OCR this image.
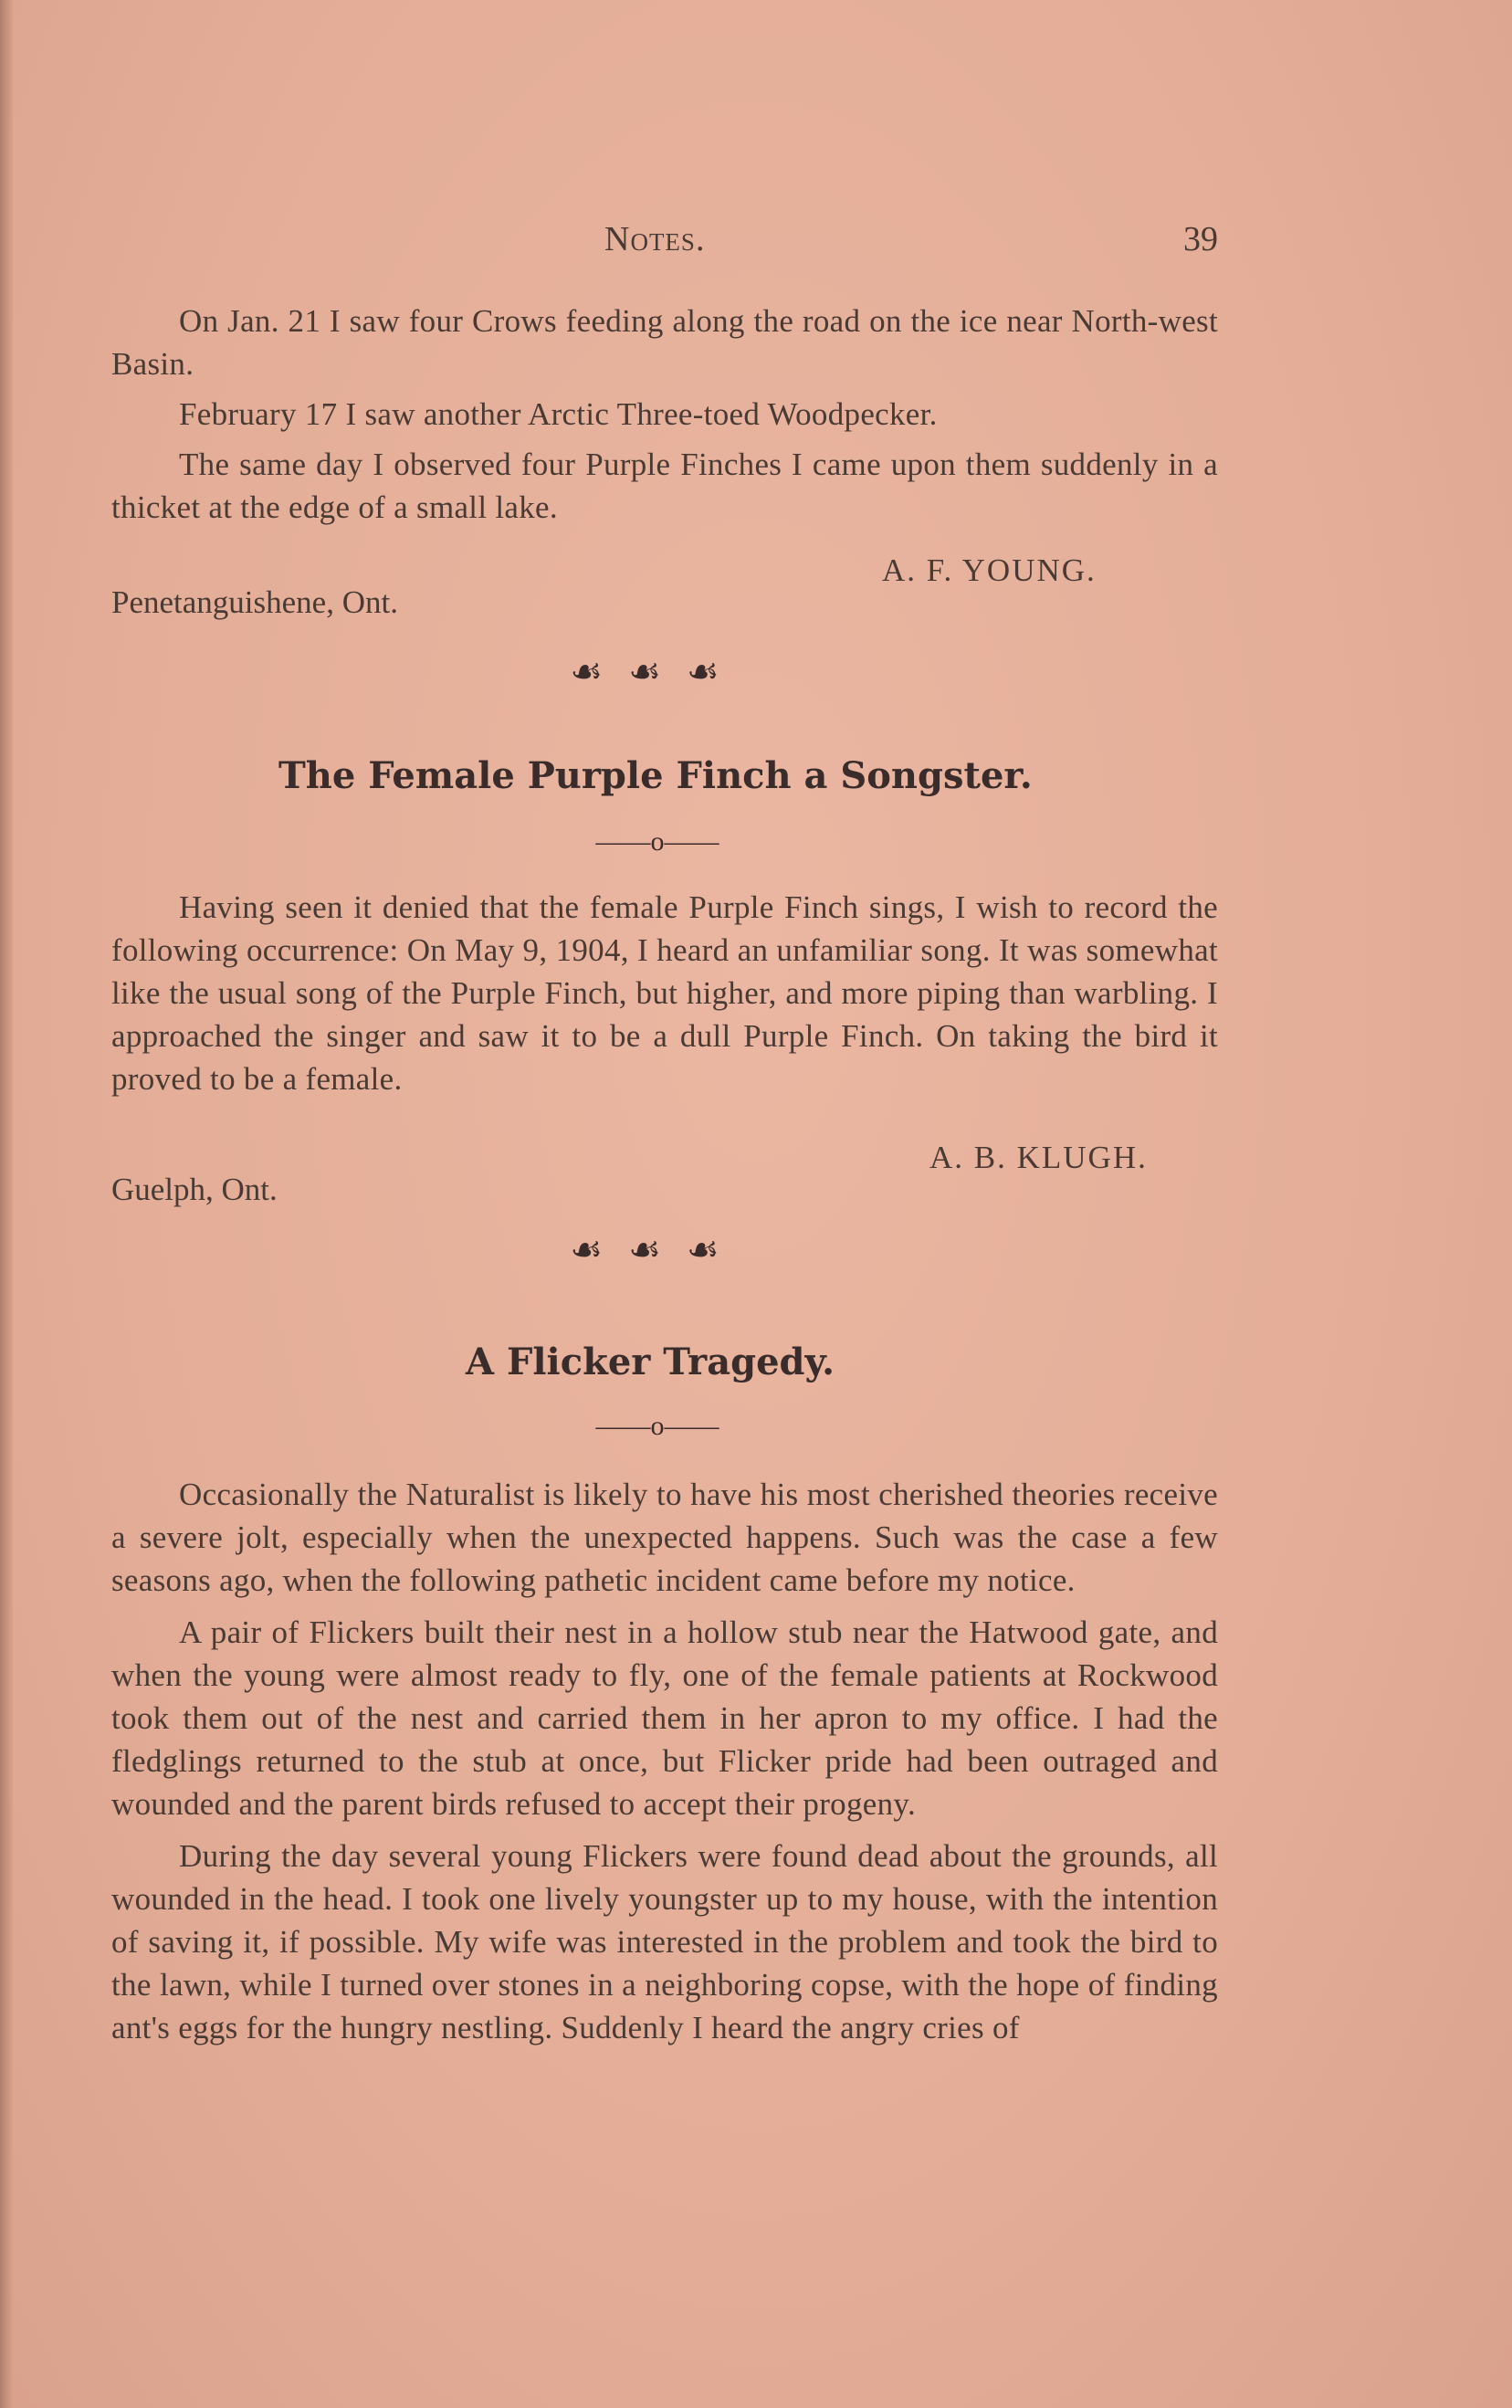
Notes.	39

On Jan. 21 I saw four Crows feeding along the road on the ice near North-west Basin.

February 17 I saw another Arctic Three-toed Woodpecker.

The same day I observed four Purple Finches I came upon them suddenly in a thicket at the edge of a small lake.

A. F. YOUNG.
Penetanguishene, Ont.
☙☙☙
The Female Purple Finch a Songster.
——o——

Having seen it denied that the female Purple Finch sings, I wish to record the following occurrence: On May 9, 1904, I heard an unfamiliar song. It was somewhat like the usual song of the Purple Finch, but higher, and more piping than warbling. I approached the singer and saw it to be a dull Purple Finch. On taking the bird it proved to be a female.

A. B. KLUGH.
Guelph, Ont.
☙☙☙
A Flicker Tragedy.
——o——

Occasionally the Naturalist is likely to have his most cherished theories receive a severe jolt, especially when the unexpected happens. Such was the case a few seasons ago, when the following pathetic incident came before my notice.

A pair of Flickers built their nest in a hollow stub near the Hatwood gate, and when the young were almost ready to fly, one of the female patients at Rockwood took them out of the nest and carried them in her apron to my office. I had the fledglings returned to the stub at once, but Flicker pride had been outraged and wounded and the parent birds refused to accept their progeny.

During the day several young Flickers were found dead about the grounds, all wounded in the head. I took one lively youngster up to my house, with the intention of saving it, if possible. My wife was interested in the problem and took the bird to the lawn, while I turned over stones in a neighboring copse, with the hope of finding ant's eggs for the hungry nestling. Suddenly I heard the angry cries of
